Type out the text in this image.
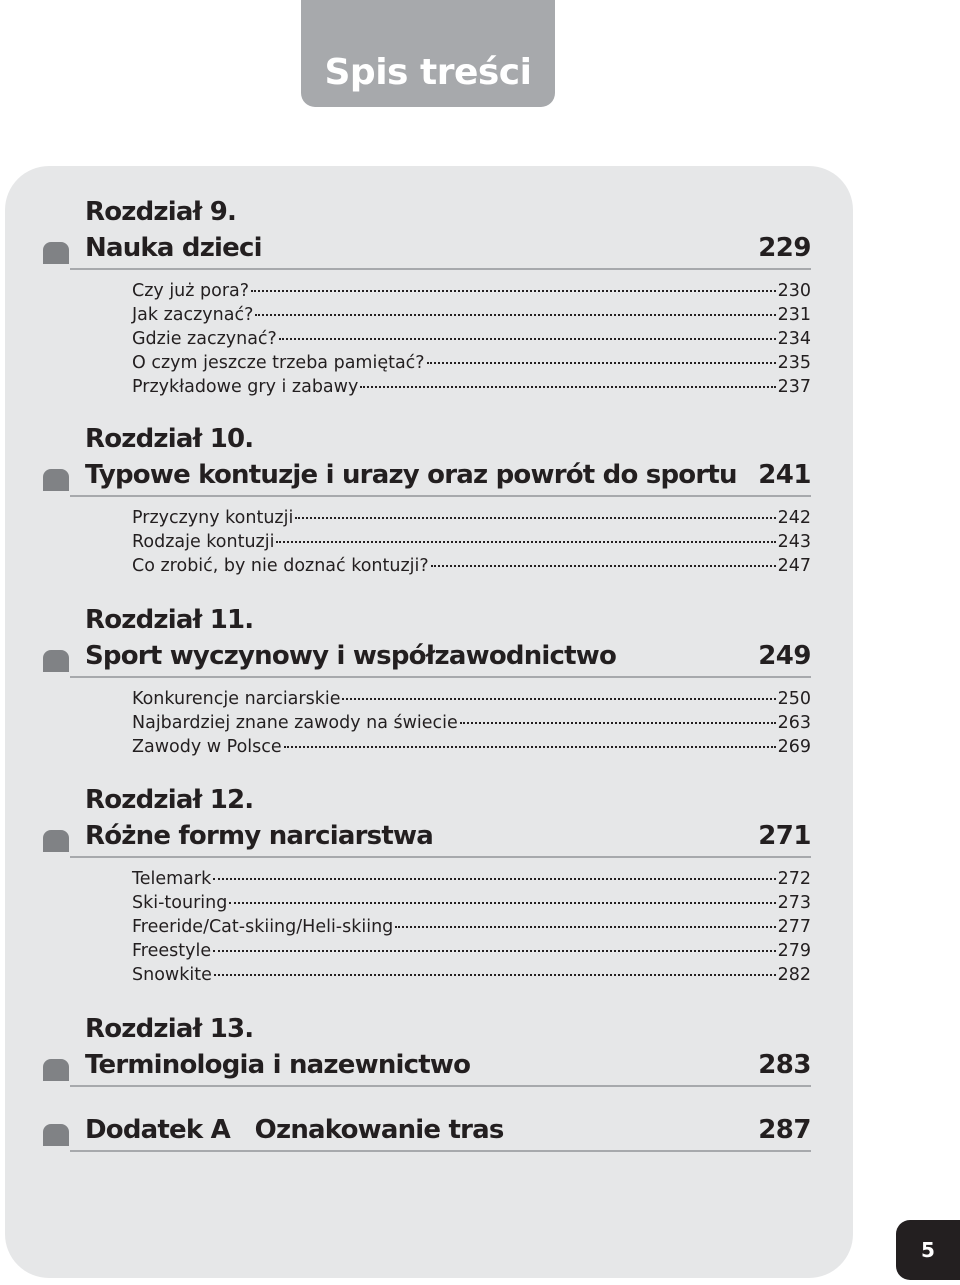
Spis treści
Rozdział 9.
Nauka dzieci	229
Czy już pora?	230
Jak zaczynać?	231
Gdzie zaczynać?	234
O czym jeszcze trzeba pamiętać?	235
Przykładowe gry i zabawy	237
Rozdział 10.
Typowe kontuzje i urazy oraz powrót do sportu 241
Przyczyny kontuzji	242
Rodzaje kontuzji	243
Co zrobić, by nie doznać kontuzji?	247
Rozdział 11.
Sport wyczynowy i współzawodnictwo	249
Konkurencje narciarskie	250
Najbardziej znane zawody na świecie	263
Zawody w Polsce	269
Rozdział 12.
Różne formy narciarstwa	271
Telemark	272
Ski-touring	273
Freeride/Cat-skiing/Heli-skiing	277
Freestyle	279
Snowkite	282
Rozdział 13.
Terminologia i nazewnictwo	283
Dodatek A   Oznakowanie tras	287
5
